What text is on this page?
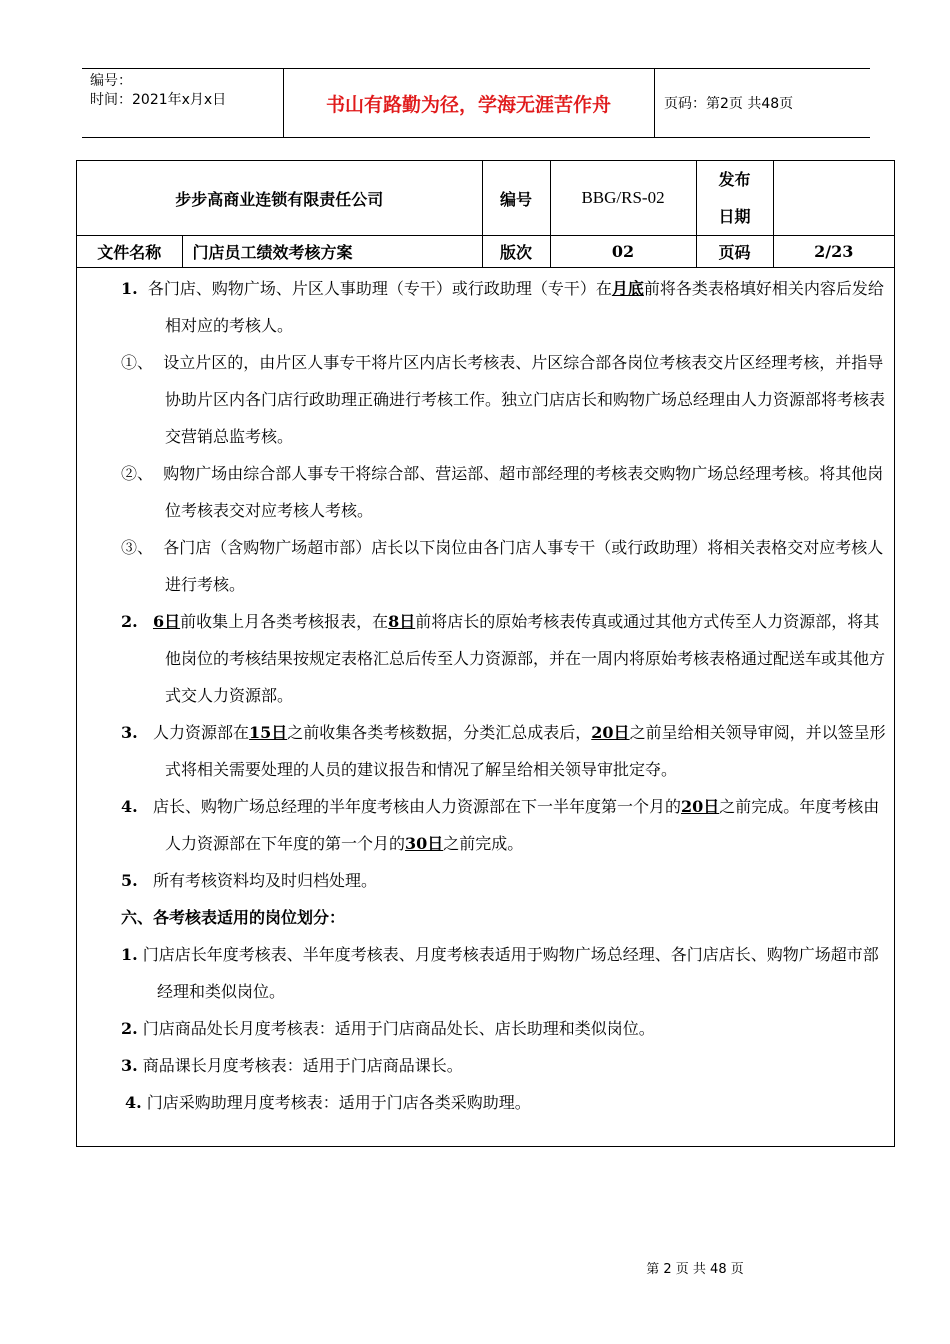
编号：
时间：2021年x月x日	书山有路勤为径，学海无涯苦作舟	页码：第2页 共48页
步步高商业连锁有限责任公司		编号	BBG/RS-02	发布
日期	

文件名称	门店员工绩效考核方案	版次	02	页码	2/23

1. 各门店、购物广场、片区人事助理（专干）或行政助理（专干）在月底前将各类表格填好相关内容后发给相对应的考核人。

①、 设立片区的，由片区人事专干将片区内店长考核表、片区综合部各岗位考核表交片区经理考核，并指导协助片区内各门店行政助理正确进行考核工作。独立门店店长和购物广场总经理由人力资源部将考核表交营销总监考核。

②、 购物广场由综合部人事专干将综合部、营运部、超市部经理的考核表交购物广场总经理考核。将其他岗位考核表交对应考核人考核。

③、 各门店（含购物广场超市部）店长以下岗位由各门店人事专干（或行政助理）将相关表格交对应考核人进行考核。

2. 6日前收集上月各类考核报表，在8日前将店长的原始考核表传真或通过其他方式传至人力资源部，将其他岗位的考核结果按规定表格汇总后传至人力资源部，并在一周内将原始考核表格通过配送车或其他方式交人力资源部。

3. 人力资源部在15日之前收集各类考核数据，分类汇总成表后，20日之前呈给相关领导审阅，并以签呈形式将相关需要处理的人员的建议报告和情况了解呈给相关领导审批定夺。

4. 店长、购物广场总经理的半年度考核由人力资源部在下一半年度第一个月的20日之前完成。年度考核由人力资源部在下年度的第一个月的30日之前完成。

5. 所有考核资料均及时归档处理。

六、各考核表适用的岗位划分：

1. 门店店长年度考核表、半年度考核表、月度考核表适用于购物广场总经理、各门店店长、购物广场超市部经理和类似岗位。

2. 门店商品处长月度考核表：适用于门店商品处长、店长助理和类似岗位。

3. 商品课长月度考核表：适用于门店商品课长。

4. 门店采购助理月度考核表：适用于门店各类采购助理。

第 2 页 共 48 页
